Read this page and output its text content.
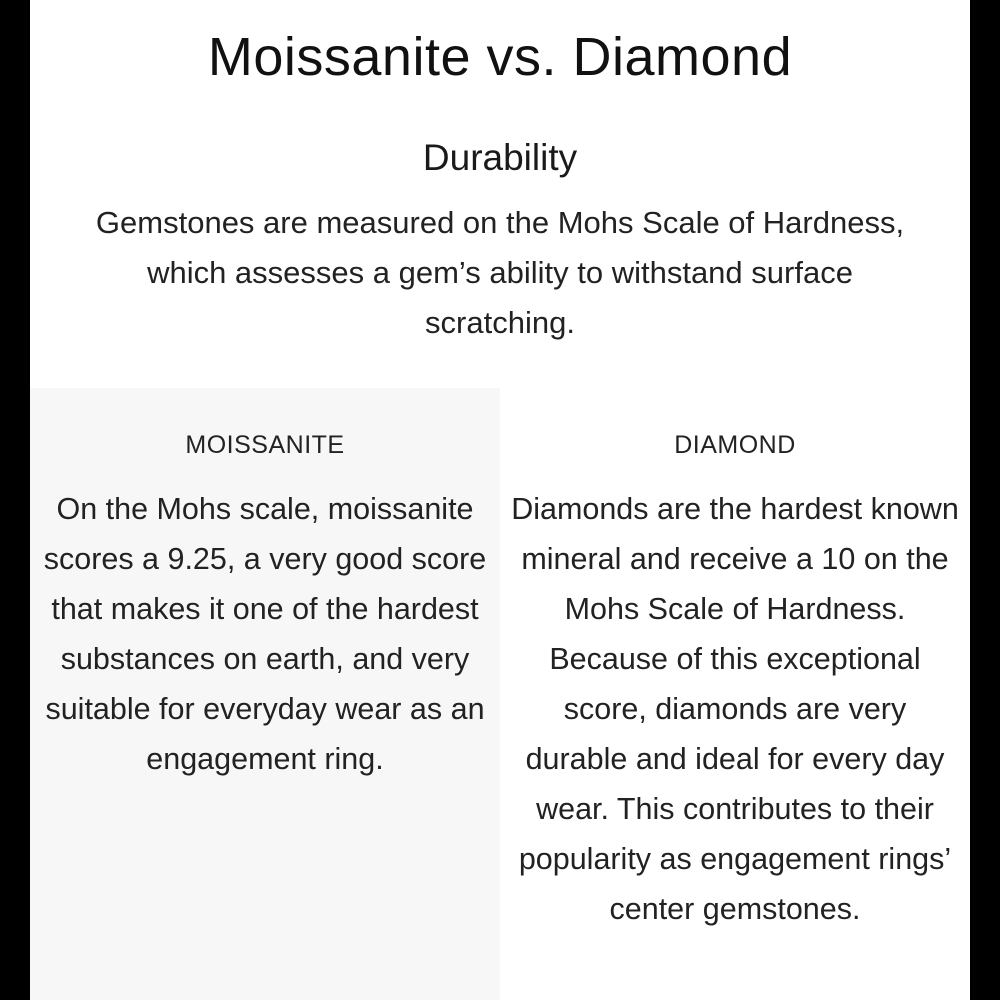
Moissanite vs. Diamond
Durability

Gemstones are measured on the Mohs Scale of Hardness, which assesses a gem’s ability to withstand surface scratching.

MOISSANITE

On the Mohs scale, moissanite scores a 9.25, a very good score that makes it one of the hardest substances on earth, and very suitable for everyday wear as an engagement ring.

DIAMOND

Diamonds are the hardest known mineral and receive a 10 on the Mohs Scale of Hardness. Because of this exceptional score, diamonds are very durable and ideal for every day wear. This contributes to their popularity as engagement rings’ center gemstones.
